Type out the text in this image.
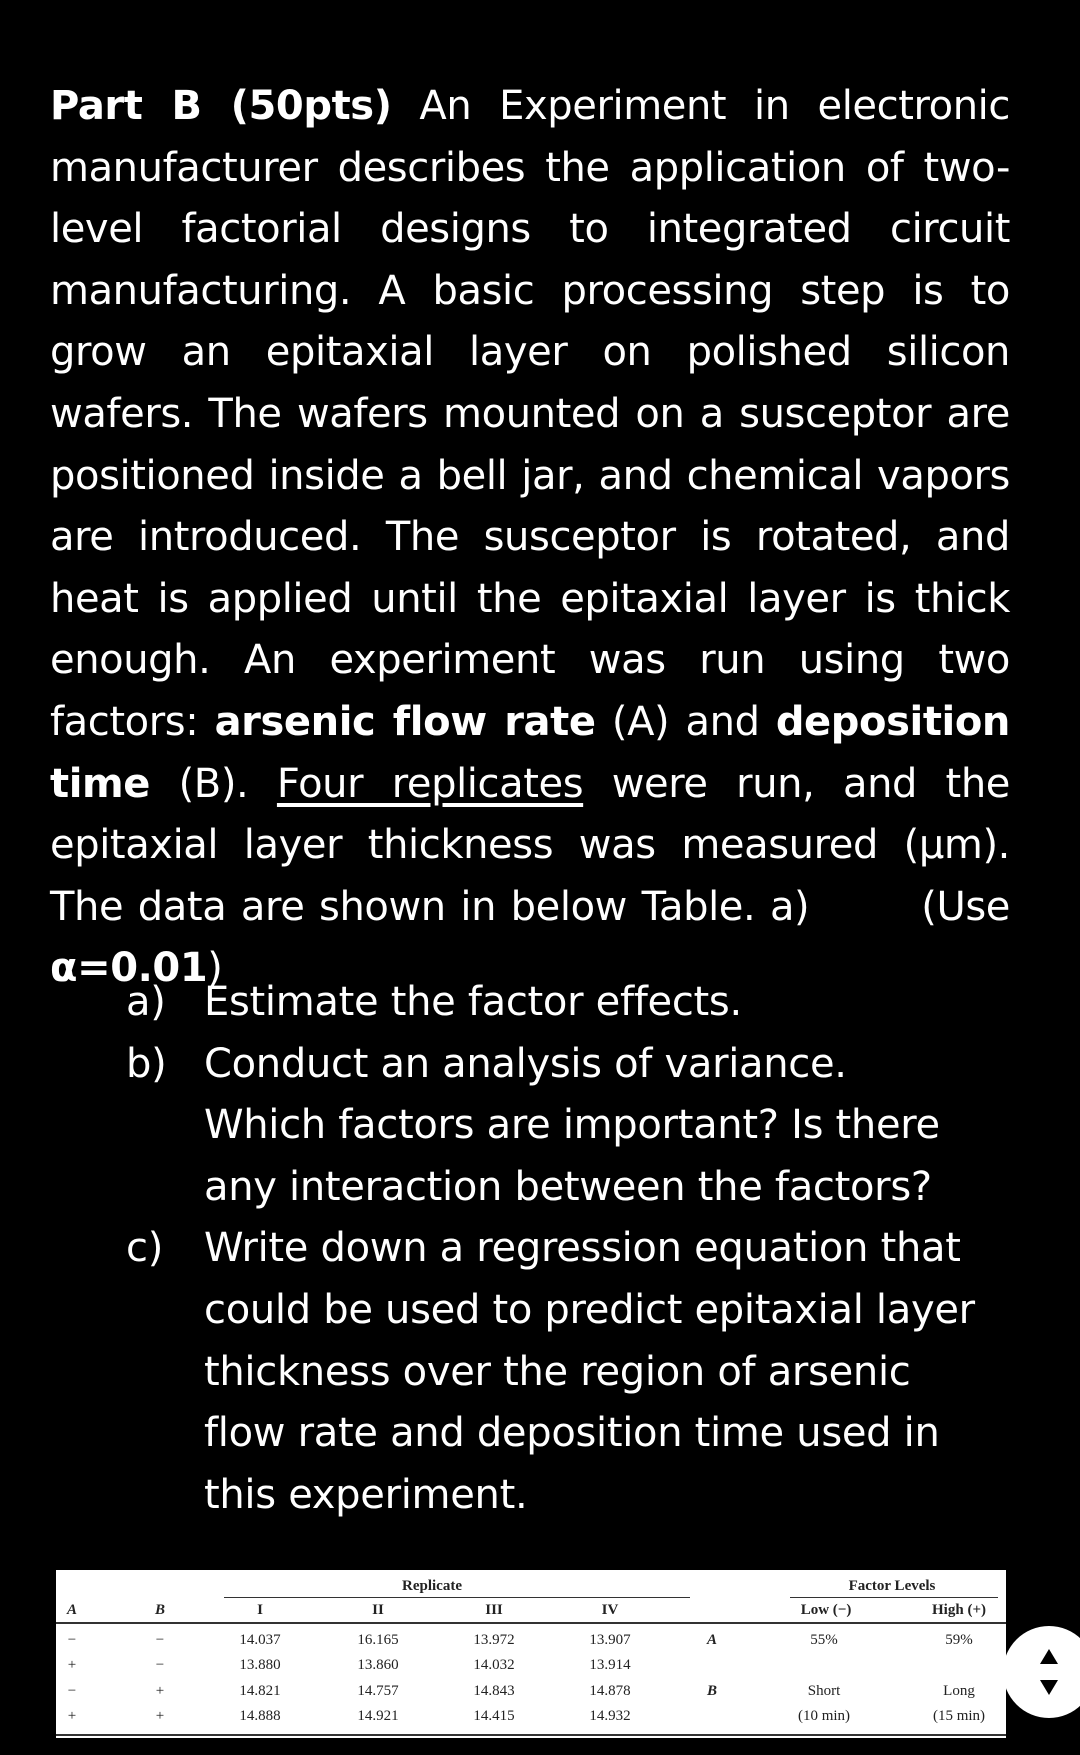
Part B (50pts) An Experiment in electronic manufacturer describes the application of two-level factorial designs to integrated circuit manufacturing. A basic processing step is to grow an epitaxial layer on polished silicon wafers. The wafers mounted on a susceptor are positioned inside a bell jar, and chemical vapors are introduced. The susceptor is rotated, and heat is applied until the epitaxial layer is thick enough. An experiment was run using two factors: arsenic flow rate (A) and deposition time (B). Four replicates were run, and the epitaxial layer thickness was measured (µm). The data are shown in below Table. a)	(Use α=0.01)
a) Estimate the factor effects.
b) Conduct an analysis of variance. Which factors are important? Is there any interaction between the factors?
c)	Write down a regression equation that could be used to predict epitaxial layer thickness over the region of arsenic flow rate and deposition time used in this experiment.
Replicate	Factor Levels
A	B	I	II	III	IV	Low (−)	High (+)
−	−	14.037	16.165	13.972	13.907
+	−	13.880	13.860	14.032	13.914
−	+	14.821	14.757	14.843	14.878
+	+	14.888	14.921	14.415	14.932
A	55%	59%
B	Short	Long
(10 min)	(15 min)
